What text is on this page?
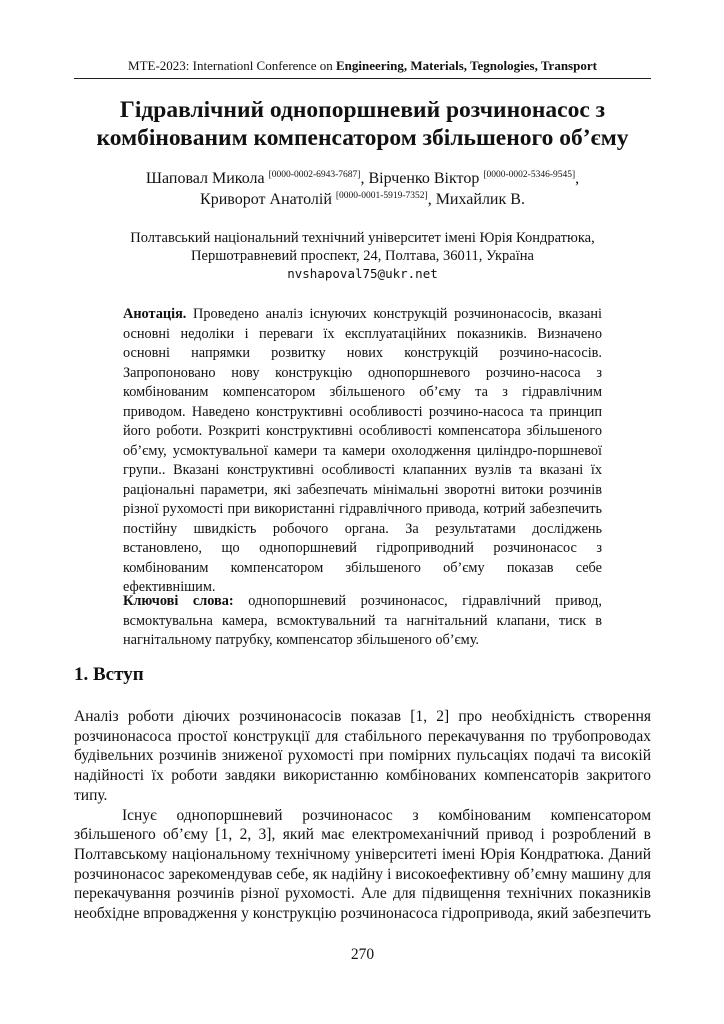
MTE-2023: Internationl Conference on Engineering, Materials, Tegnologies, Transport
Гідравлічний однопоршневий розчинонасос з
комбінованим компенсатором збільшеного об’єму
Шаповал Микола [0000-0002-6943-7687], Вірченко Віктор [0000-0002-5346-9545],
Криворот Анатолій [0000-0001-5919-7352], Михайлик В.
Полтавський національний технічний університет імені Юрія Кондратюка,
Першотравневий проспект, 24, Полтава, 36011, Україна
nvshapoval75@ukr.net
Анотація. Проведено аналіз існуючих конструкцій розчинонасосів, вказані основні недоліки і переваги їх експлуатаційних показників. Визначено основні напрямки розвитку нових конструкцій розчино-насосів. Запропоновано нову конструкцію однопоршневого розчино-насоса з комбінованим компенсатором збільшеного об’єму та з гідравлічним приводом. Наведено конструктивні особливості розчино-насоса та принцип його роботи. Розкриті конструктивні особливості компенсатора збільшеного об’єму, усмоктувальної камери та камери охолодження циліндро-поршневої групи.. Вказані конструктивні особливості клапанних вузлів та вказані їх раціональні параметри, які забезпечать мінімальні зворотні витоки розчинів різної рухомості при використанні гідравлічного привода, котрий забезпечить постійну швидкість робочого органа. За результатами досліджень встановлено, що однопоршневий гідроприводний розчинонасос з комбінованим компенсатором збільшеного об’єму показав себе ефективнішим.
Ключові слова: однопоршневий розчинонасос, гідравлічний привод, всмоктувальна камера, всмоктувальний та нагнітальний клапани, тиск в нагнітальному патрубку, компенсатор збільшеного об’єму.
1. Вступ

Аналіз роботи діючих розчинонасосів показав [1, 2] про необхідність створення розчинонасоса простої конструкції для стабільного перекачування по трубопроводах будівельних розчинів зниженої рухомості при помірних пульсаціях подачі та високій надійності їх роботи завдяки використанню комбінованих компенсаторів закритого типу.

Існує однопоршневий розчинонасос з комбінованим компенсатором збільшеного об’єму [1, 2, 3], який має електромеханічний привод і розроблений в Полтавському національному технічному університеті імені Юрія Кондратюка. Даний розчинонасос зарекомендував себе, як надійну і високоефективну об’ємну машину для перекачування розчинів різної рухомості. Але для підвищення технічних показників необхідне впровадження у конструкцію розчинонасоса гідропривода, який забезпечить

270
